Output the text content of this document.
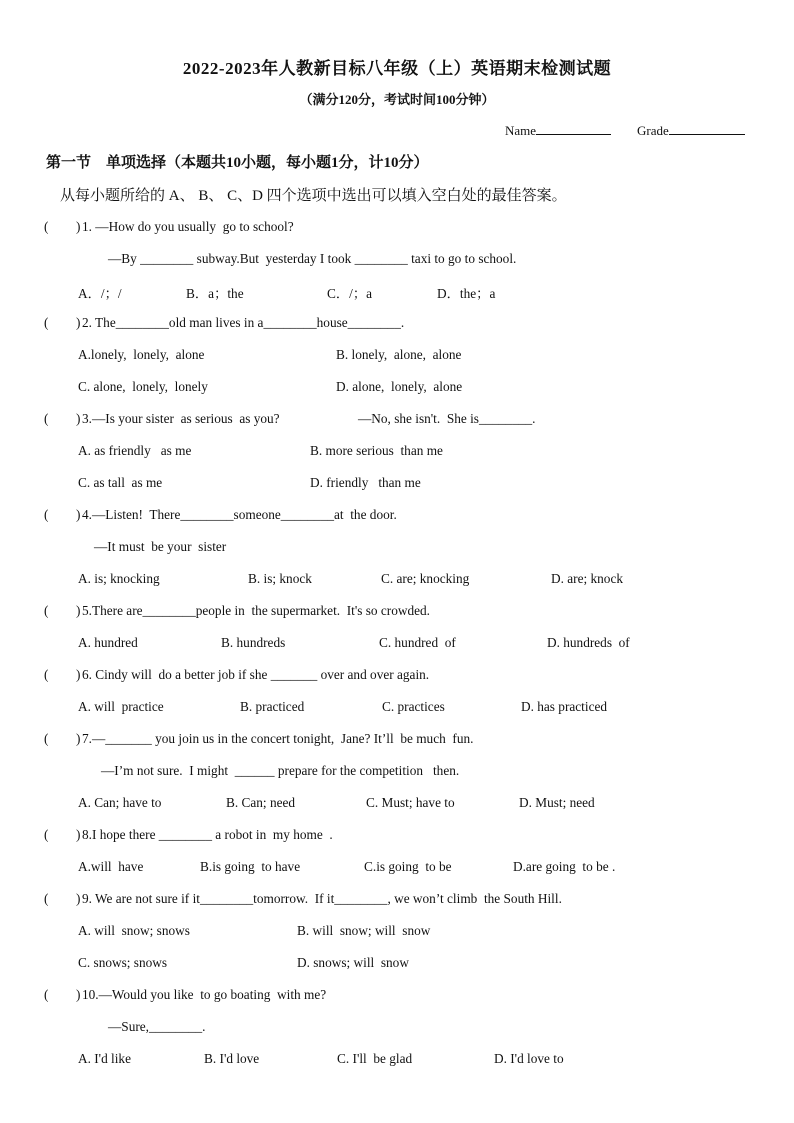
2022-2023年人教新目标八年级（上）英语期末检测试题
（满分120分，考试时间100分钟）
Name	Grade
第一节　单项选择（本题共10小题，每小题1分，计10分）
从每小题所给的 A、 B、 C、D 四个选项中选出可以填入空白处的最佳答案。
( ) 1. —How do you usually  go to school?
—By ________ subway.But  yesterday I took ________ taxi to go to school.
A．/；/	B．a；the	C．/；a	D．the；a
( ) 2. The________old man lives in a________house________.
A.lonely,  lonely,  alone	B. lonely,  alone,  alone
C. alone,  lonely,  lonely	D. alone,  lonely,  alone
( ) 3.—Is your sister  as serious  as you?	—No, she isn't.  She is________.
A. as friendly   as me	B. more serious  than me
C. as tall  as me	D. friendly   than me
( ) 4.—Listen!  There________someone________at  the door.
—It must  be your  sister
A. is; knocking	B. is; knock	C. are; knocking	D. are; knock
( ) 5.There are________people in  the supermarket.  It's so crowded.
A. hundred	B. hundreds	C. hundred  of	D. hundreds  of
( ) 6. Cindy will  do a better job if she _______ over and over again.
A. will  practice	B. practiced	C. practices	D. has practiced
( ) 7.—_______ you join us in the concert tonight,  Jane? It’ll  be much  fun.
—I’m not sure.  I might  ______ prepare for the competition   then.
A. Can; have to	B. Can; need	C. Must; have to	D. Must; need
( ) 8.I hope there ________ a robot in  my home  .
A.will  have	B.is going  to have	C.is going  to be	D.are going  to be .
( ) 9. We are not sure if it________tomorrow.  If it________, we won’t climb  the South Hill.
A. will  snow; snows	B. will  snow; will  snow
C. snows; snows	D. snows; will  snow
( ) 10.—Would you like  to go boating  with me?
—Sure,________.
A. I'd like	B. I'd love	C. I'll  be glad	D. I'd love to
